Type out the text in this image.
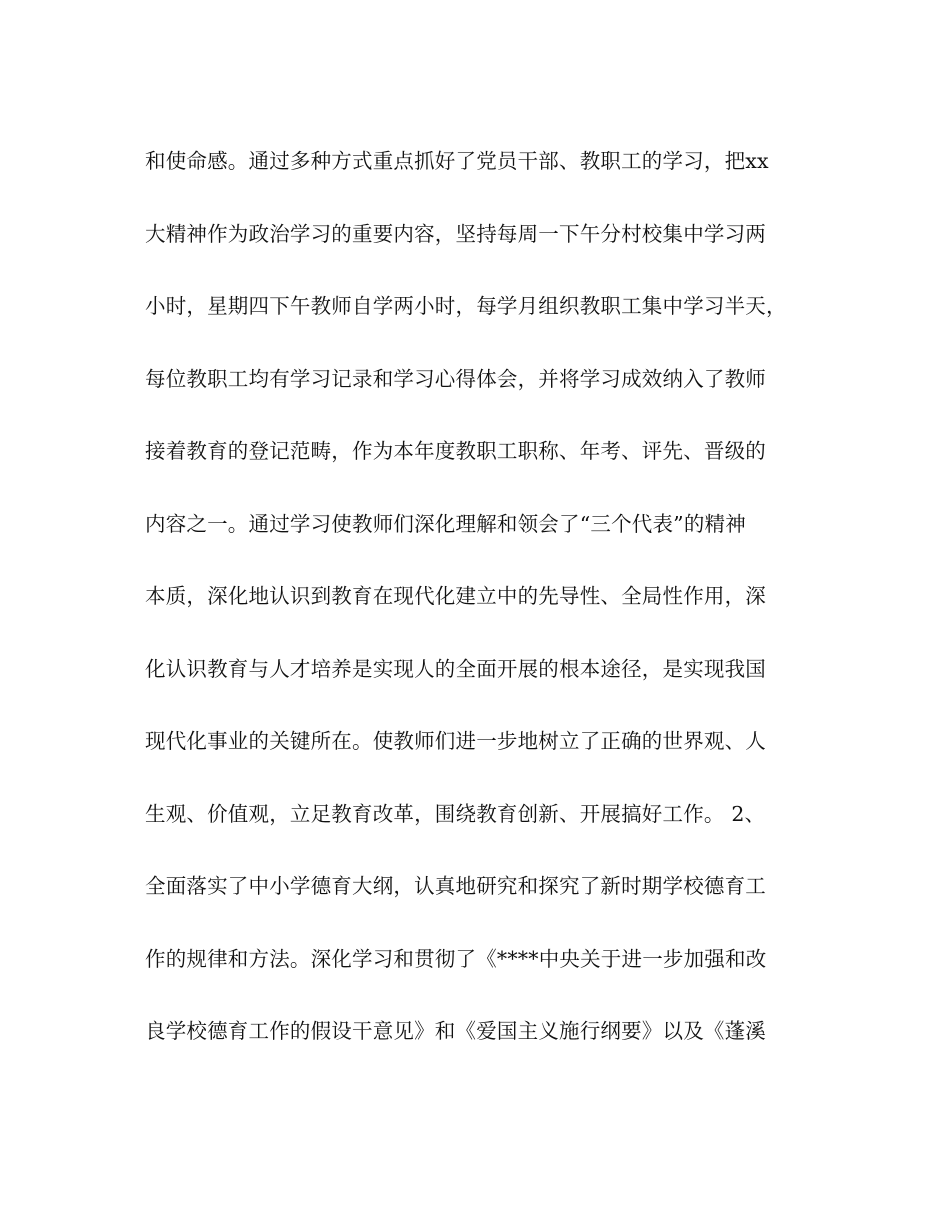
和使命感。通过多种方式重点抓好了党员干部、教职工的学习，把xx
大精神作为政治学习的重要内容，坚持每周一下午分村校集中学习两
小时，星期四下午教师自学两小时，每学月组织教职工集中学习半天，
每位教职工均有学习记录和学习心得体会，并将学习成效纳入了教师
接着教育的登记范畴，作为本年度教职工职称、年考、评先、晋级的
内容之一。通过学习使教师们深化理解和领会了“三个代表”的精神
本质，深化地认识到教育在现代化建立中的先导性、全局性作用，深
化认识教育与人才培养是实现人的全面开展的根本途径，是实现我国
现代化事业的关键所在。使教师们进一步地树立了正确的世界观、人
生观、价值观，立足教育改革，围绕教育创新、开展搞好工作。 2、
全面落实了中小学德育大纲，认真地研究和探究了新时期学校德育工
作的规律和方法。深化学习和贯彻了《****中央关于进一步加强和改
良学校德育工作的假设干意见》和《爱国主义施行纲要》以及《蓬溪
